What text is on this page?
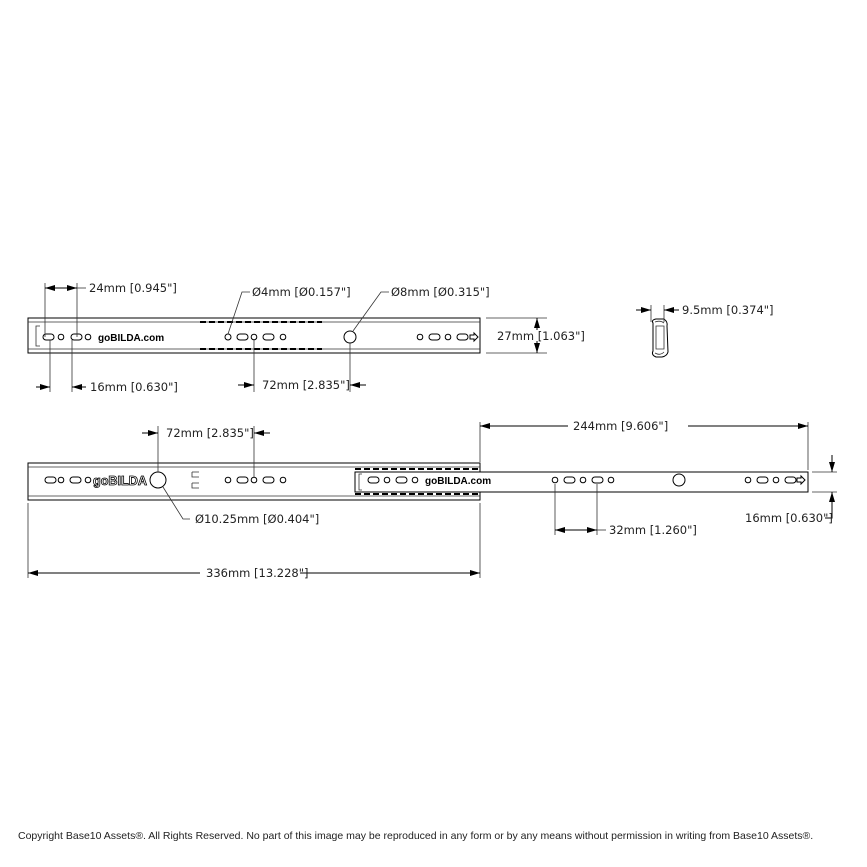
goBILDA.com
24mm [0.945"]
16mm [0.630"]
Ø4mm [Ø0.157"]	Ø8mm [Ø0.315"]
72mm [2.835"]
27mm [1.063"]
9.5mm [0.374"]
goBILDA	goBILDA.com
72mm [2.835"]
Ø10.25mm [Ø0.404"]
336mm [13.228"]
244mm [9.606"]
32mm [1.260"]
16mm [0.630"]
Copyright Base10 Assets®. All Rights Reserved. No part of this image may be reproduced in any form or by any means without permission in writing from Base10 Assets®.
